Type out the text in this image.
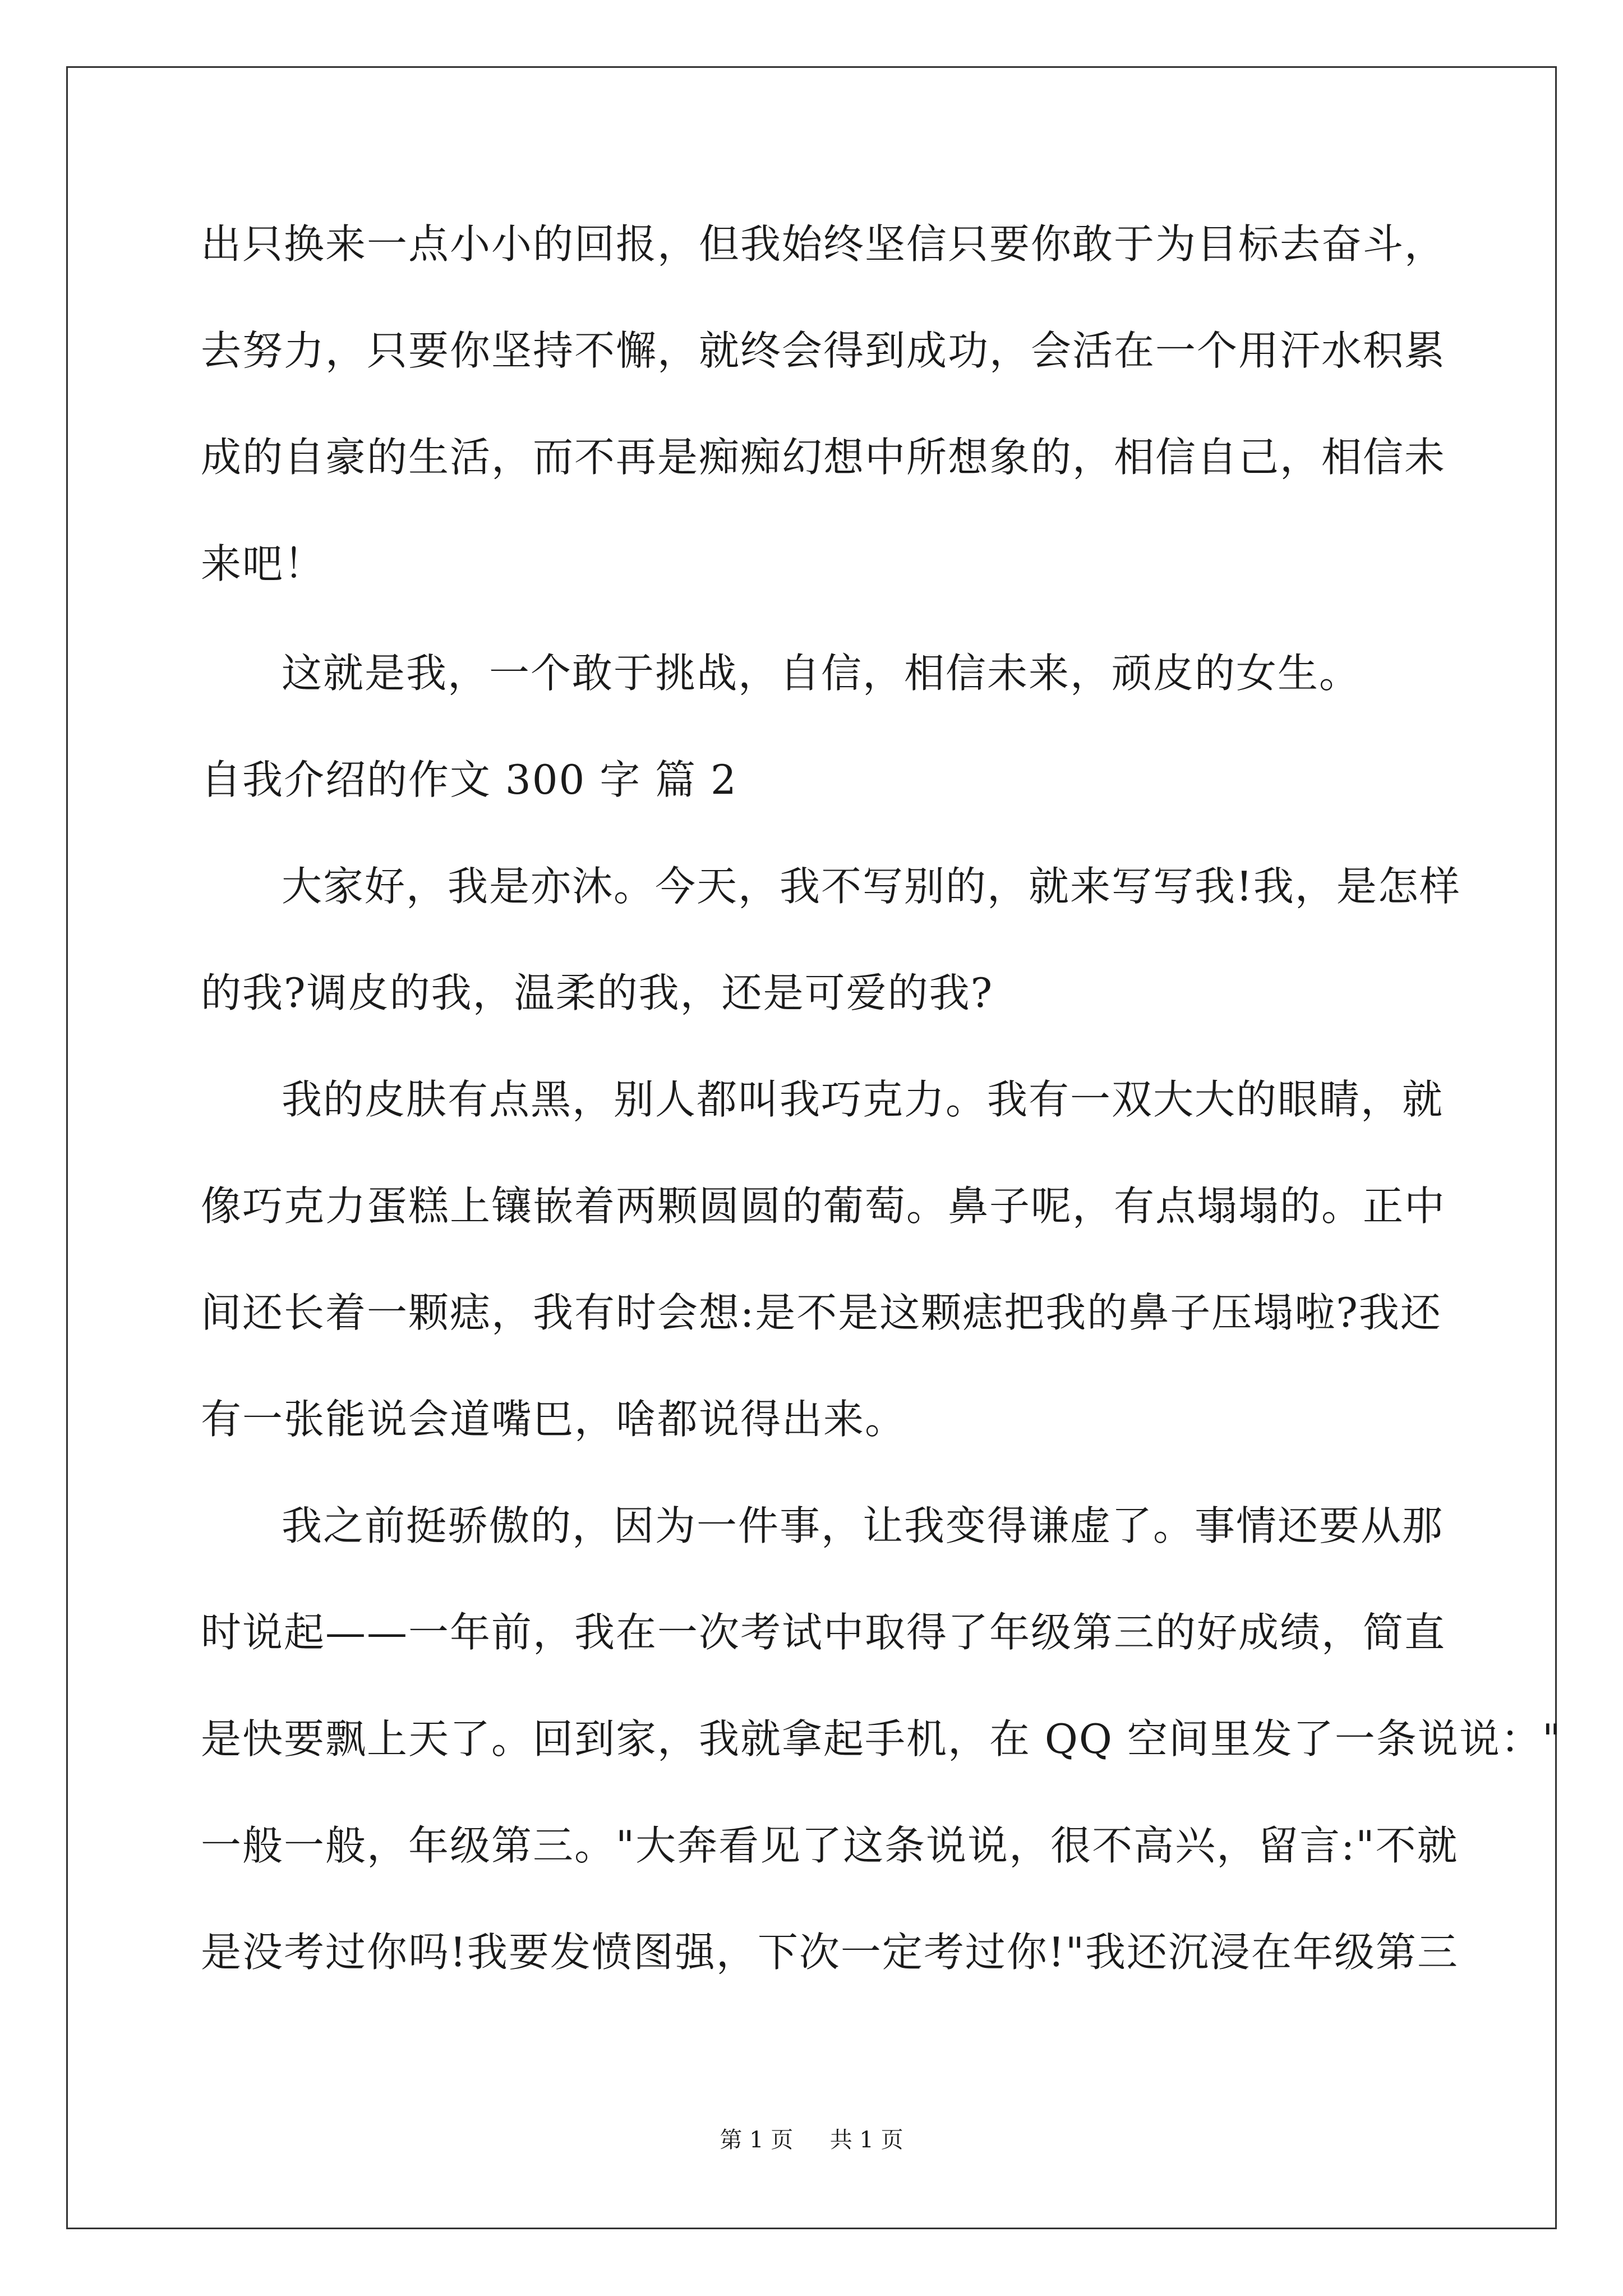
出只换来一点小小的回报，但我始终坚信只要你敢于为目标去奋斗，
去努力，只要你坚持不懈，就终会得到成功，会活在一个用汗水积累
成的自豪的生活，而不再是痴痴幻想中所想象的，相信自己，相信未
来吧！
这就是我，一个敢于挑战，自信，相信未来，顽皮的女生。
自我介绍的作文 300 字 篇 2
大家好，我是亦沐。今天，我不写别的，就来写写我!我，是怎样
的我?调皮的我，温柔的我，还是可爱的我?
我的皮肤有点黑，别人都叫我巧克力。我有一双大大的眼睛，就
像巧克力蛋糕上镶嵌着两颗圆圆的葡萄。鼻子呢，有点塌塌的。正中
间还长着一颗痣，我有时会想:是不是这颗痣把我的鼻子压塌啦?我还
有一张能说会道嘴巴，啥都说得出来。
我之前挺骄傲的，因为一件事，让我变得谦虚了。事情还要从那
时说起——一年前，我在一次考试中取得了年级第三的好成绩，简直
是快要飘上天了。回到家，我就拿起手机，在 QQ 空间里发了一条说说："
一般一般，年级第三。"大奔看见了这条说说，很不高兴，留言:"不就
是没考过你吗!我要发愤图强，下次一定考过你!"我还沉浸在年级第三
第 1 页 共 1 页
